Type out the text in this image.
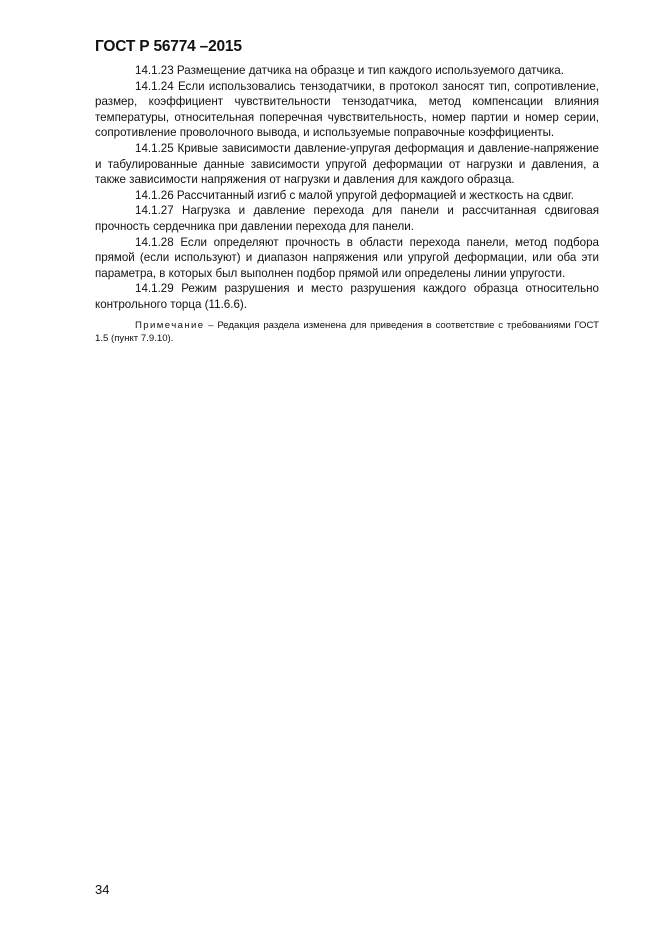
ГОСТ Р 56774 –2015

14.1.23 Размещение датчика на образце и тип каждого используемого датчика.

14.1.24 Если использовались тензодатчики, в протокол заносят тип, сопротивление, размер, коэффициент чувствительности тензодатчика, метод компенсации влияния температуры, относительная поперечная чувствительность, номер партии и номер серии, сопротивление проволочного вывода, и используемые поправочные коэффициенты.

14.1.25 Кривые зависимости давление-упругая деформация и давление-напряжение и табулированные данные зависимости упругой деформации от нагрузки и давления, а также зависимости напряжения от нагрузки и давления для каждого образца.

14.1.26 Рассчитанный изгиб с малой упругой деформацией и жесткость на сдвиг.

14.1.27 Нагрузка и давление перехода для панели и рассчитанная сдвиговая прочность сердечника при давлении перехода для панели.

14.1.28 Если определяют прочность в области перехода панели, метод подбора прямой (если используют) и диапазон напряжения или упругой деформации, или оба эти параметра, в которых был выполнен подбор прямой или определены линии упругости.

14.1.29 Режим разрушения и место разрушения каждого образца относительно контрольного торца (11.6.6).

Примечание – Редакция раздела изменена для приведения в соответствие с требованиями ГОСТ 1.5 (пункт 7.9.10).

34
